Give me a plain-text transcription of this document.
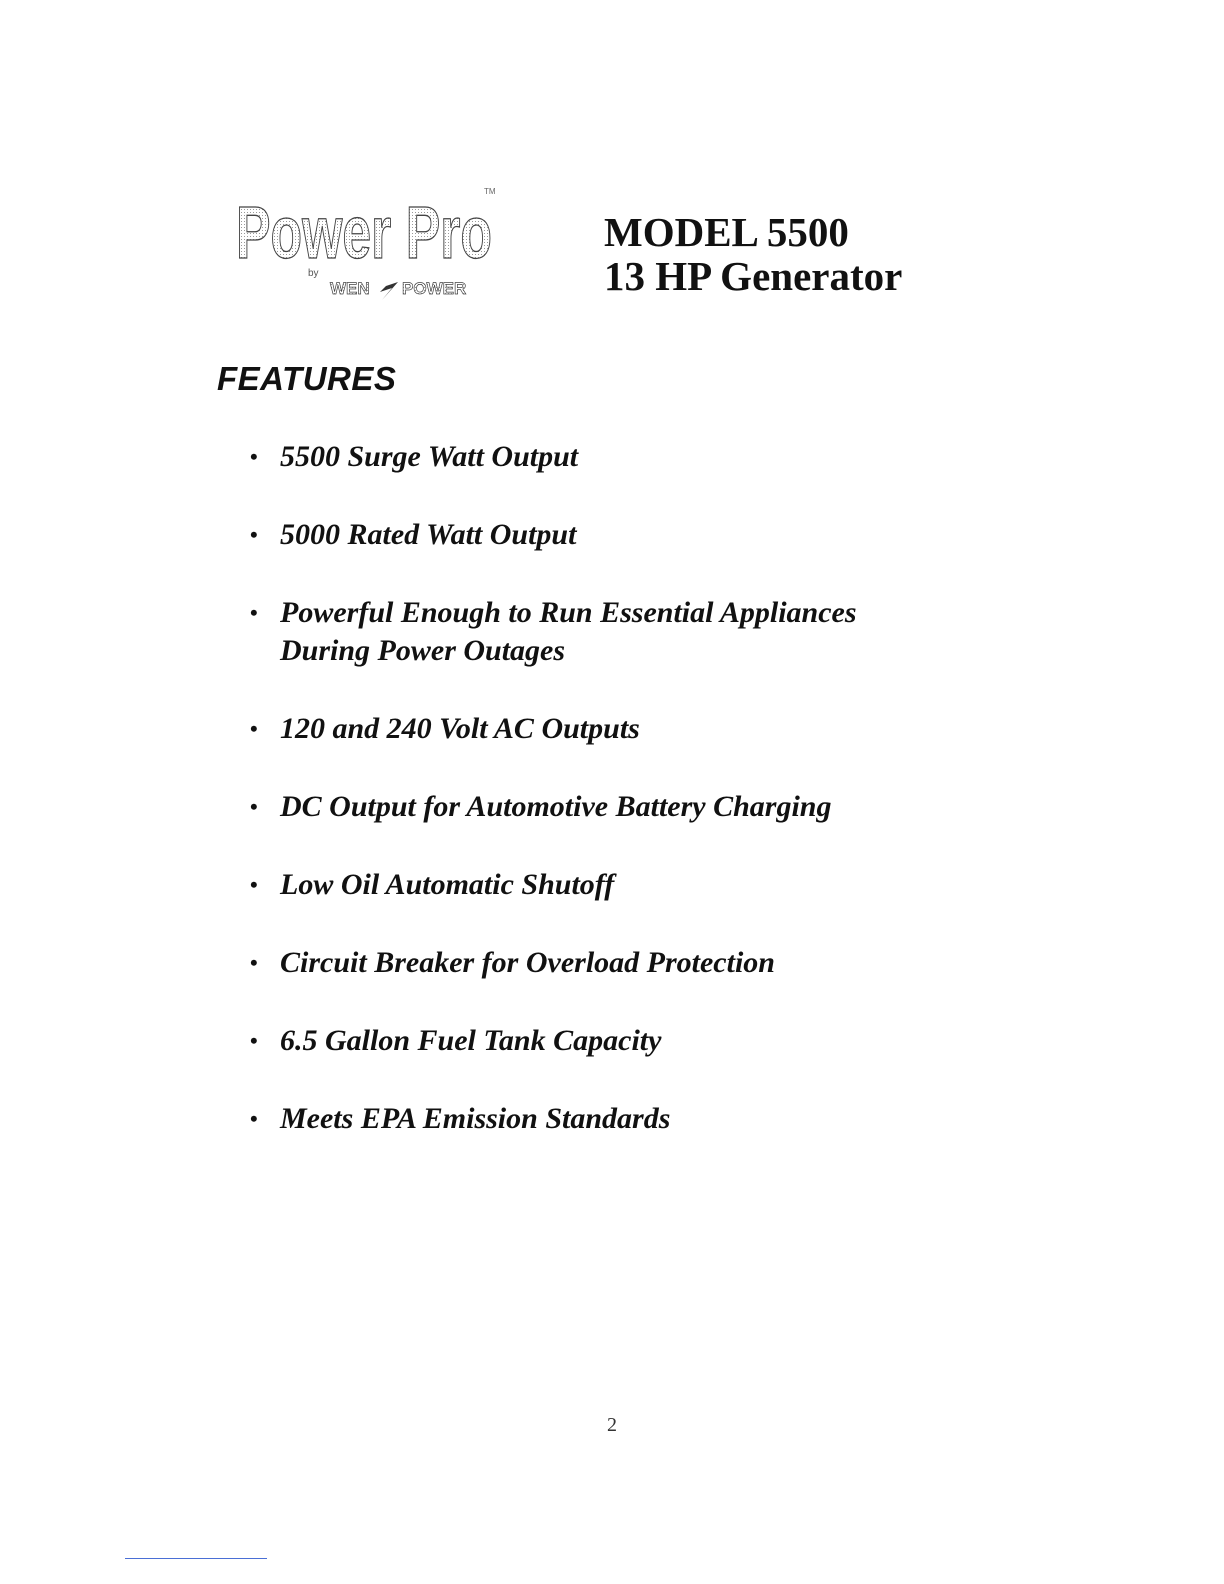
Power Pro
TM
by
WEN POWER
MODEL 5500
13 HP Generator
FEATURES
• 5500 Surge Watt Output
• 5000 Rated Watt Output
• Powerful Enough to Run Essential Appliances During Power Outages
• 120 and 240 Volt AC Outputs
• DC Output for Automotive Battery Charging
• Low Oil Automatic Shutoff
• Circuit Breaker for Overload Protection
• 6.5 Gallon Fuel Tank Capacity
• Meets EPA Emission Standards
2
